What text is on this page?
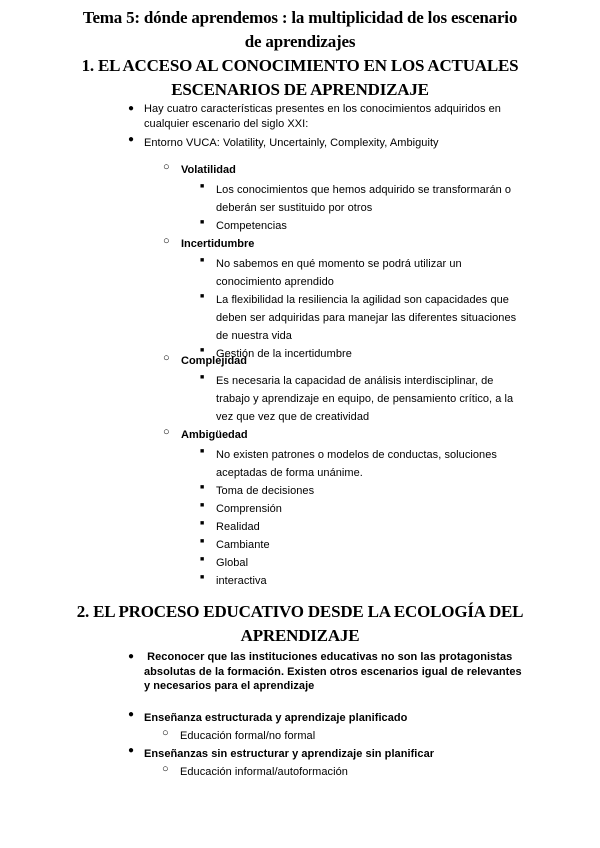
Tema 5: dónde aprendemos : la multiplicidad de los escenario
de aprendizajes
1. EL ACCESO AL CONOCIMIENTO EN LOS ACTUALES
ESCENARIOS DE APRENDIZAJE
● Hay cuatro características presentes en los conocimientos adquiridos en cualquier escenario del siglo XXI:
● Entorno VUCA: Volatility, Uncertainly, Complexity, Ambiguity
○ Volatilidad
■ Los conocimientos que hemos adquirido se transformarán o deberán ser sustituido por otros
■ Competencias
○ Incertidumbre
■ No sabemos en qué momento se podrá utilizar un conocimiento aprendido
■ La flexibilidad la resiliencia la agilidad son capacidades que deben ser adquiridas para manejar las diferentes situaciones de nuestra vida
■ Gestión de la incertidumbre
○ Complejidad
■ Es necesaria la capacidad de análisis interdisciplinar, de trabajo y aprendizaje en equipo, de pensamiento crítico, a la vez que vez que de creatividad
○ Ambigüedad
■ No existen patrones o modelos de conductas, soluciones aceptadas de forma unánime.
■ Toma de decisiones
■ Comprensión
■ Realidad
■ Cambiante
■ Global
■ interactiva
2. EL PROCESO EDUCATIVO DESDE LA ECOLOGÍA DEL
APRENDIZAJE
● Reconocer que las instituciones educativas no son las protagonistas absolutas de la formación. Existen otros escenarios igual de relevantes y necesarios para el aprendizaje
● Enseñanza estructurada y aprendizaje planificado
○ Educación formal/no formal
● Enseñanzas sin estructurar y aprendizaje sin planificar
○ Educación informal/autoformación
